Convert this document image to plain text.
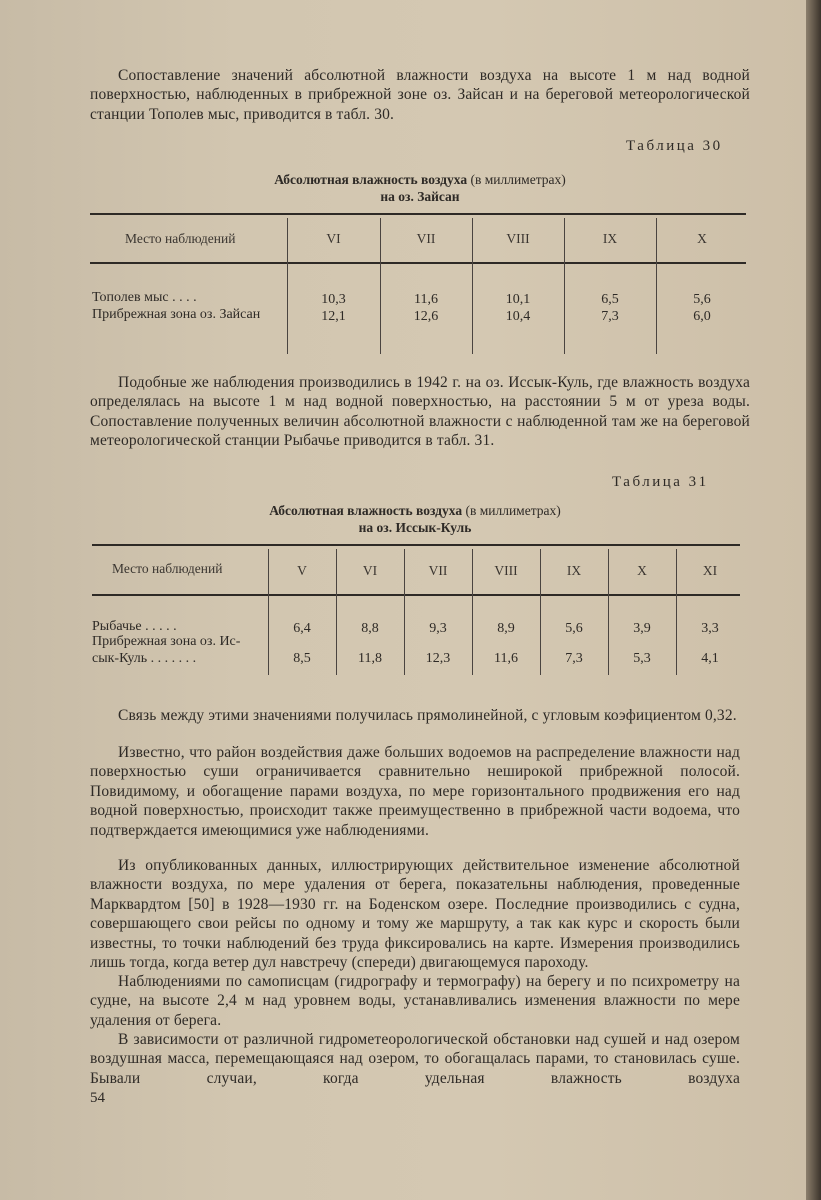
Сопоставление значений абсолютной влажности воздуха на высоте 1 м над водной поверхностью, наблюденных в прибрежной зоне оз. Зайсан и на береговой метеорологической станции Тополев мыс, приводится в табл. 30.

Таблица 30
Абсолютная влажность воздуха (в миллиметрах)
на оз. Зайсан
Место наблюдений	VI	VII	VIII	IX	X
Тополев мыс . . . .	10,3	11,6	10,1	6,5	5,6
Прибрежная зона оз. Зайсан	12,1	12,6	10,4	7,3	6,0

Подобные же наблюдения производились в 1942 г. на оз. Иссык-Куль, где влажность воздуха определялась на высоте 1 м над водной поверхностью, на расстоянии 5 м от уреза воды. Сопоставление полученных величин абсолютной влажности с наблюденной там же на береговой метеорологической станции Рыбачье приводится в табл. 31.

Таблица 31
Абсолютная влажность воздуха (в миллиметрах)
на оз. Иссык-Куль
Место наблюдений	V	VI	VII	VIII	IX	X	XI
Рыбачье . . . . .	6,4	8,8	9,3	8,9	5,6	3,9	3,3
Прибрежная зона оз. Ис-
сык-Куль . . . . . . .	8,5	11,8	12,3	11,6	7,3	5,3	4,1

Связь между этими значениями получилась прямолинейной, с угловым коэфициентом 0,32.

Известно, что район воздействия даже больших водоемов на распределение влажности над поверхностью суши ограничивается сравнительно неширокой прибрежной полосой. Повидимому, и обогащение парами воздуха, по мере горизонтального продвижения его над водной поверхностью, происходит также преимущественно в прибрежной части водоема, что подтверждается имеющимися уже наблюдениями.

Из опубликованных данных, иллюстрирующих действительное изменение абсолютной влажности воздуха, по мере удаления от берега, показательны наблюдения, проведенные Марквардтом [50] в 1928—1930 гг. на Боденском озере. Последние производились с судна, совершающего свои рейсы по одному и тому же маршруту, а так как курс и скорость были известны, то точки наблюдений без труда фиксировались на карте. Измерения производились лишь тогда, когда ветер дул навстречу (спереди) двигающемуся пароходу.

Наблюдениями по самописцам (гидрографу и термографу) на берегу и по психрометру на судне, на высоте 2,4 м над уровнем воды, устанавливались изменения влажности по мере удаления от берега.

В зависимости от различной гидрометеорологической обстановки над сушей и над озером воздушная масса, перемещающаяся над озером, то обогащалась парами, то становилась суше. Бывали случаи, когда удельная влажность воздуха

54
